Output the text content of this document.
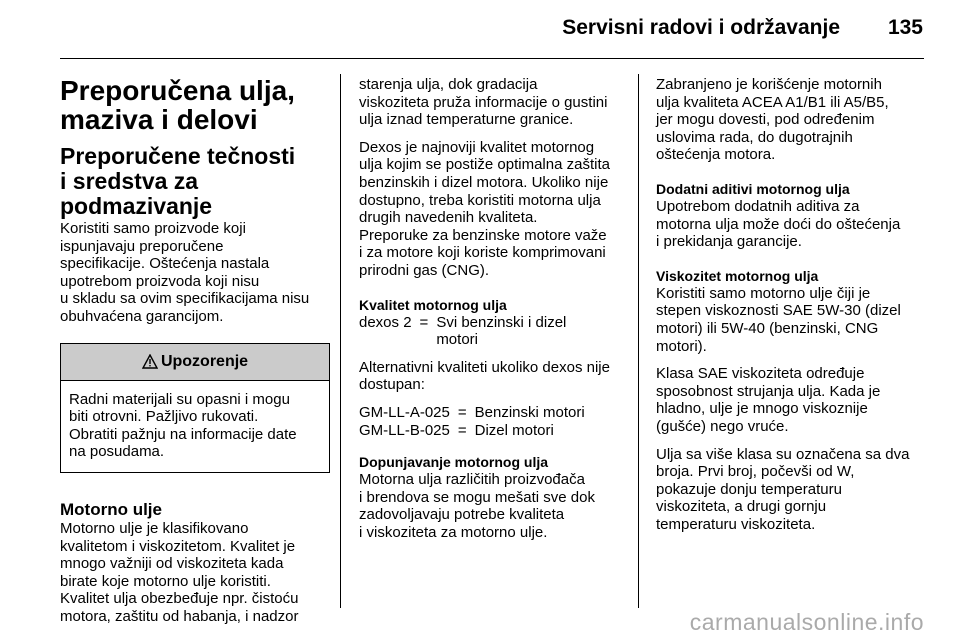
Servisni radovi i održavanje 135
Preporučena ulja,
maziva i delovi
Preporučene tečnosti
i sredstva za
podmazivanje

Koristiti samo proizvode koji
ispunjavaju preporučene
specifikacije. Oštećenja nastala
upotrebom proizvoda koji nisu
u skladu sa ovim specifikacijama nisu
obuhvaćena garancijom.

Upozorenje
Radni materijali su opasni i mogu
biti otrovni. Pažljivo rukovati.
Obratiti pažnju na informacije date
na posudama.
Motorno ulje

Motorno ulje je klasifikovano
kvalitetom i viskozitetom. Kvalitet je
mnogo važniji od viskoziteta kada
birate koje motorno ulje koristiti.
Kvalitet ulja obezbeđuje npr. čistoću
motora, zaštitu od habanja, i nadzor

starenja ulja, dok gradacija
viskoziteta pruža informacije o gustini
ulja iznad temperaturne granice.

Dexos je najnoviji kvalitet motornog
ulja kojim se postiže optimalna zaštita
benzinskih i dizel motora. Ukoliko nije
dostupno, treba koristiti motorna ulja
drugih navedenih kvaliteta.
Preporuke za benzinske motore važe
i za motore koji koriste komprimovani
prirodni gas (CNG).

Kvalitet motornog ulja
dexos 2 = Svi benzinski i dizel
motori

Alternativni kvaliteti ukoliko dexos nije
dostupan:

GM-LL-A-025 = Benzinski motori
GM-LL-B-025 = Dizel motori
Dopunjavanje motornog ulja

Motorna ulja različitih proizvođača
i brendova se mogu mešati sve dok
zadovoljavaju potrebe kvaliteta
i viskoziteta za motorno ulje.

Zabranjeno je korišćenje motornih
ulja kvaliteta ACEA A1/B1 ili A5/B5,
jer mogu dovesti, pod određenim
uslovima rada, do dugotrajnih
oštećenja motora.

Dodatni aditivi motornog ulja

Upotrebom dodatnih aditiva za
motorna ulja može doći do oštećenja
i prekidanja garancije.

Viskozitet motornog ulja

Koristiti samo motorno ulje čiji je
stepen viskoznosti SAE 5W-30 (dizel
motori) ili 5W-40 (benzinski, CNG
motori).

Klasa SAE viskoziteta određuje
sposobnost strujanja ulja. Kada je
hladno, ulje je mnogo viskoznije
(gušće) nego vruće.

Ulja sa više klasa su označena sa dva
broja. Prvi broj, počevši od W,
pokazuje donju temperaturu
viskoziteta, a drugi gornju
temperaturu viskoziteta.

carmanualsonline.info
